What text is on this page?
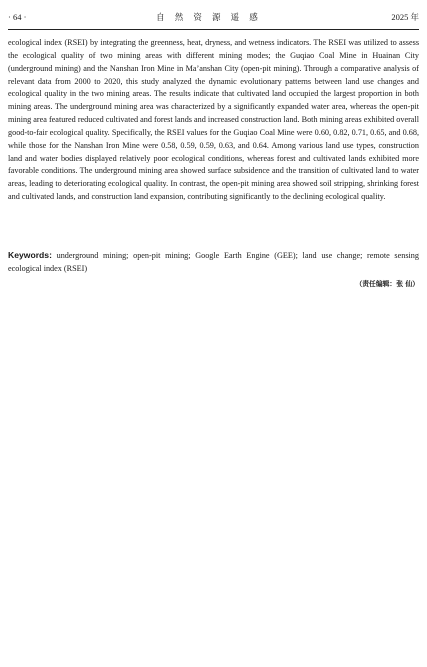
· 64 ·	自 然 资 源 遥 感	2025 年

ecological index (RSEI) by integrating the greenness, heat, dryness, and wetness indicators. The RSEI was utilized to assess the ecological quality of two mining areas with different mining modes; the Guqiao Coal Mine in Huainan City (underground mining) and the Nanshan Iron Mine in Ma’anshan City (open-pit mining). Through a comparative analysis of relevant data from 2000 to 2020, this study analyzed the dynamic evolutionary patterns between land use changes and ecological quality in the two mining areas. The results indicate that cultivated land occupied the largest proportion in both mining areas. The underground mining area was characterized by a significantly expanded water area, whereas the open-pit mining area featured reduced cultivated and forest lands and increased construction land. Both mining areas exhibited overall good-to-fair ecological quality. Specifically, the RSEI values for the Guqiao Coal Mine were 0.60, 0.82, 0.71, 0.65, and 0.68, while those for the Nanshan Iron Mine were 0.58, 0.59, 0.59, 0.63, and 0.64. Among various land use types, construction land and water bodies displayed relatively poor ecological conditions, whereas forest and cultivated lands exhibited more favorable conditions. The underground mining area showed surface subsidence and the transition of cultivated land to water areas, leading to deteriorating ecological quality. In contrast, the open-pit mining area showed soil stripping, shrinking forest and cultivated lands, and construction land expansion, contributing significantly to the declining ecological quality.

Keywords: underground mining; open-pit mining; Google Earth Engine (GEE); land use change; remote sensing ecological index (RSEI)

（责任编辑：张 仙）
